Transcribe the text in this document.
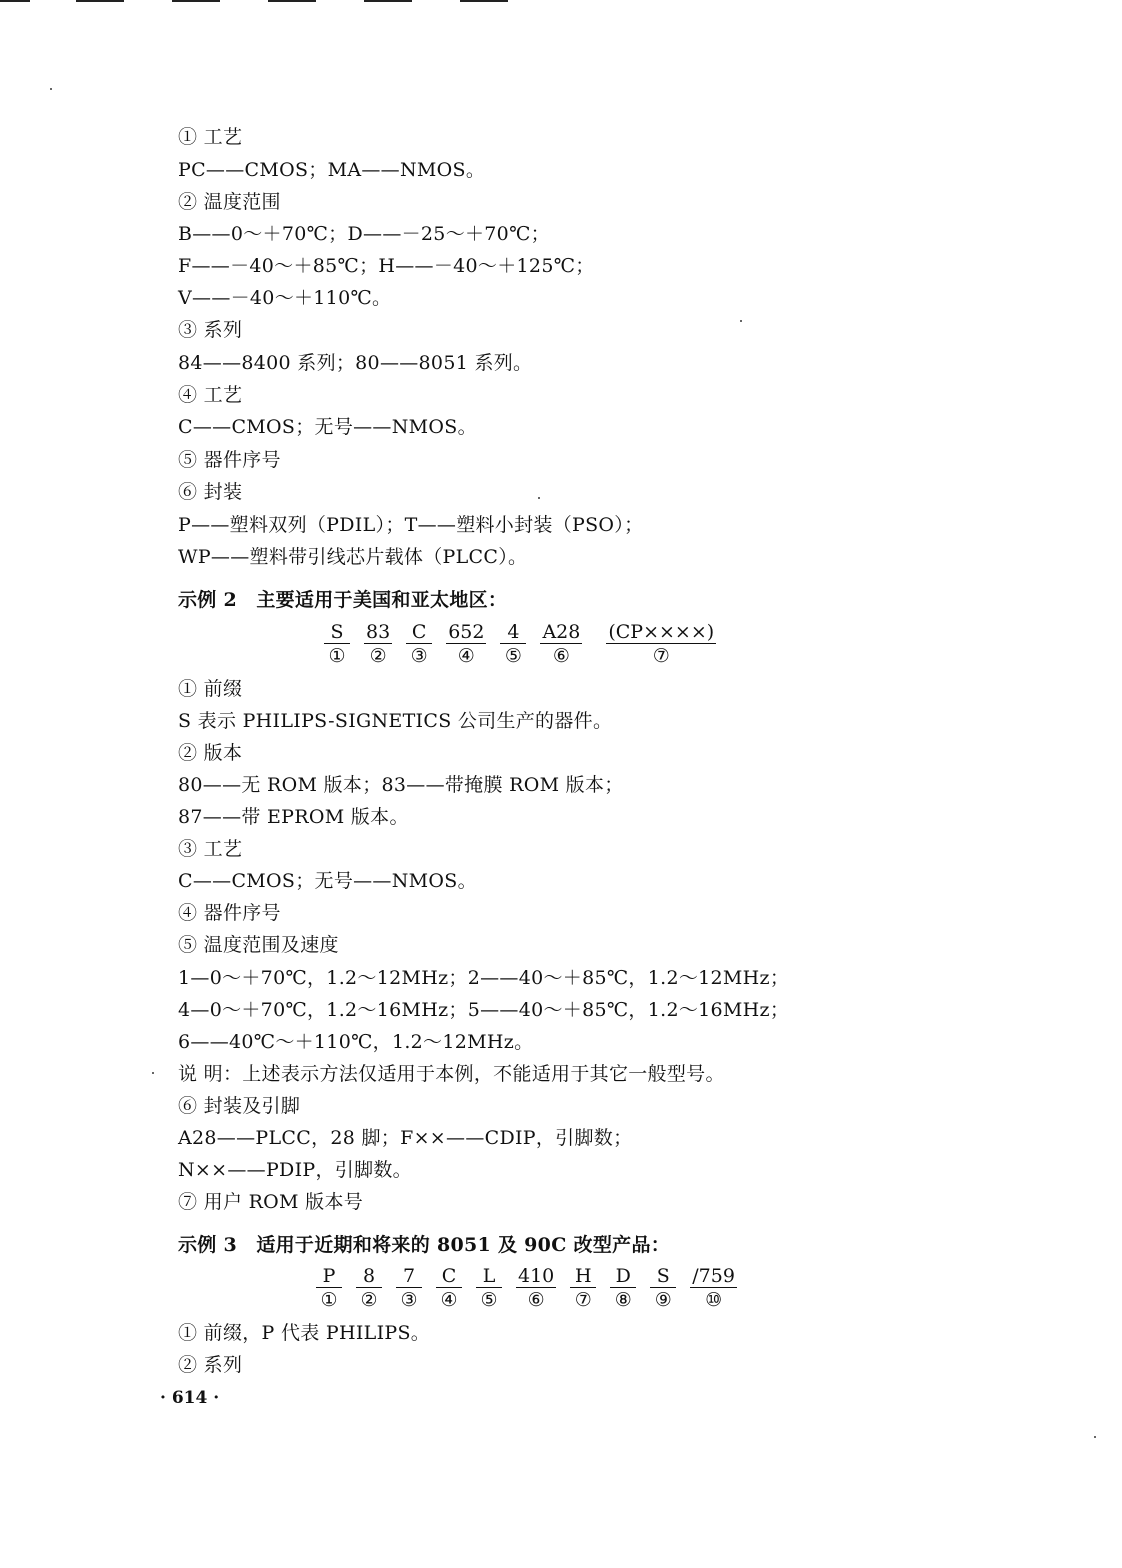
① 工艺
PC——CMOS；MA——NMOS。
② 温度范围
B——0～＋70℃；D——－25～＋70℃；
F——－40～＋85℃；H——－40～＋125℃；
V——－40～＋110℃。
③ 系列
84——8400 系列；80——8051 系列。
④ 工艺
C——CMOS；无号——NMOS。
⑤ 器件序号
⑥ 封装
P——塑料双列（PDIL）；T——塑料小封装（PSO）；
WP——塑料带引线芯片载体（PLCC）。
示例 2　主要适用于美国和亚太地区：
S
①
83
②
C
③
652
④
4
⑤
A28
⑥
(CP××××)
⑦
① 前缀
S 表示 PHILIPS-SIGNETICS 公司生产的器件。
② 版本
80——无 ROM 版本；83——带掩膜 ROM 版本；
87——带 EPROM 版本。
③ 工艺
C——CMOS；无号——NMOS。
④ 器件序号
⑤ 温度范围及速度
1—0～＋70℃，1.2～12MHz；2——40～＋85℃，1.2～12MHz；
4—0～＋70℃，1.2～16MHz；5——40～＋85℃，1.2～16MHz；
6——40℃～＋110℃，1.2～12MHz。
说 明：上述表示方法仅适用于本例，不能适用于其它一般型号。
⑥ 封装及引脚
A28——PLCC，28 脚；F××——CDIP，引脚数；
N××——PDIP，引脚数。
⑦ 用户 ROM 版本号
示例 3　适用于近期和将来的 8051 及 90C 改型产品：
P
①
8
②
7
③
C
④
L
⑤
410
⑥
H
⑦
D
⑧
S
⑨
/759
⑩
① 前缀，P 代表 PHILIPS。
② 系列
· 614 ·
